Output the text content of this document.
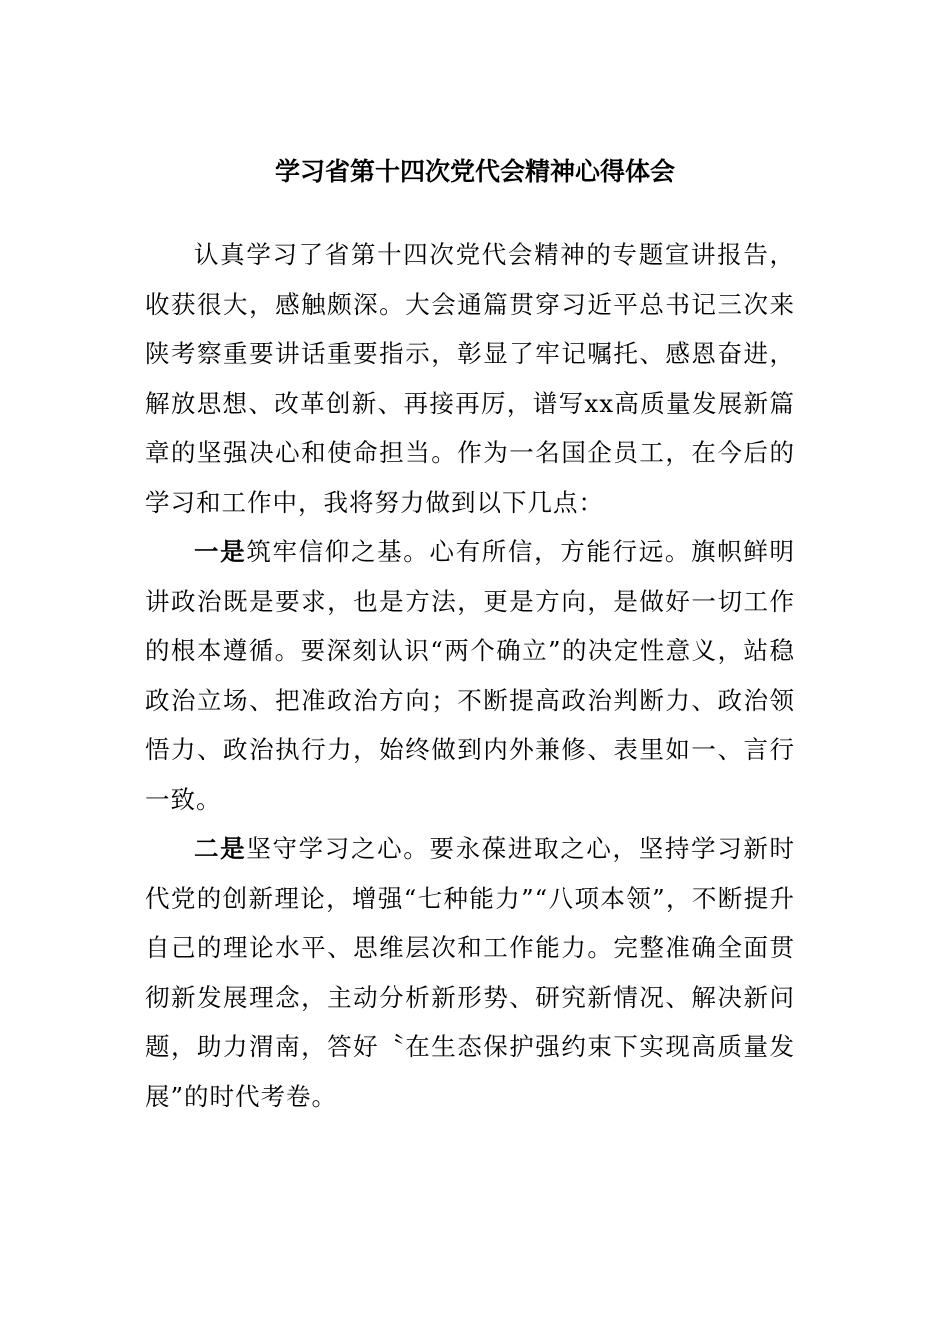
学习省第十四次党代会精神心得体会

认真学习了省第十四次党代会精神的专题宣讲报告，收获很大，感触颇深。大会通篇贯穿习近平总书记三次来陕考察重要讲话重要指示，彰显了牢记嘱托、感恩奋进，解放思想、改革创新、再接再厉，谱写xx高质量发展新篇章的坚强决心和使命担当。作为一名国企员工，在今后的学习和工作中，我将努力做到以下几点：

一是筑牢信仰之基。心有所信，方能行远。旗帜鲜明讲政治既是要求，也是方法，更是方向，是做好一切工作的根本遵循。要深刻认识“两个确立”的决定性意义，站稳政治立场、把准政治方向；不断提高政治判断力、政治领悟力、政治执行力，始终做到内外兼修、表里如一、言行一致。

二是坚守学习之心。要永葆进取之心，坚持学习新时代党的创新理论，增强“七种能力”“八项本领”，不断提升自己的理论水平、思维层次和工作能力。完整准确全面贯彻新发展理念，主动分析新形势、研究新情况、解决新问题，助力渭南，答好〝在生态保护强约束下实现高质量发展”的时代考卷。
